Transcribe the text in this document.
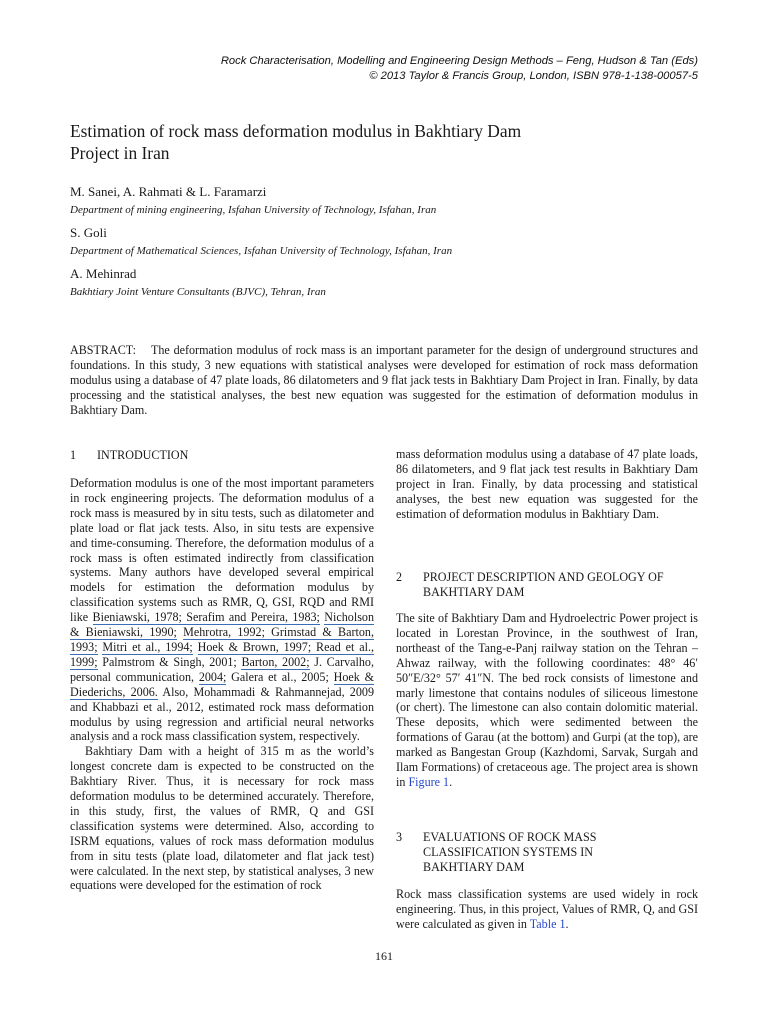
Rock Characterisation, Modelling and Engineering Design Methods – Feng, Hudson & Tan (Eds)
© 2013 Taylor & Francis Group, London, ISBN 978-1-138-00057-5
Estimation of rock mass deformation modulus in Bakhtiary Dam
Project in Iran
M. Sanei, A. Rahmati & L. Faramarzi
Department of mining engineering, Isfahan University of Technology, Isfahan, Iran
S. Goli
Department of Mathematical Sciences, Isfahan University of Technology, Isfahan, Iran
A. Mehinrad
Bakhtiary Joint Venture Consultants (BJVC), Tehran, Iran
ABSTRACT: The deformation modulus of rock mass is an important parameter for the design of underground structures and foundations. In this study, 3 new equations with statistical analyses were developed for estimation of rock mass deformation modulus using a database of 47 plate loads, 86 dilatometers and 9 flat jack tests in Bakhtiary Dam Project in Iran. Finally, by data processing and the statistical analyses, the best new equation was suggested for the estimation of deformation modulus in Bakhtiary Dam.
1 INTRODUCTION

Deformation modulus is one of the most important parameters in rock engineering projects. The deformation modulus of a rock mass is measured by in situ tests, such as dilatometer and plate load or flat jack tests. Also, in situ tests are expensive and time-consuming. Therefore, the deformation modulus of a rock mass is often estimated indirectly from classification systems. Many authors have developed several empirical models for estimation the deformation modulus by classification systems such as RMR, Q, GSI, RQD and RMI like Bieniawski, 1978; Serafim and Pereira, 1983; Nicholson & Bieniawski, 1990; Mehrotra, 1992; Grimstad & Barton, 1993; Mitri et al., 1994; Hoek & Brown, 1997; Read et al., 1999; Palmstrom & Singh, 2001; Barton, 2002; J. Carvalho, personal communication, 2004; Galera et al., 2005; Hoek & Diederichs, 2006. Also, Mohammadi & Rahmannejad, 2009 and Khabbazi et al., 2012, estimated rock mass deformation modulus by using regression and artificial neural networks analysis and a rock mass classification system, respectively.

Bakhtiary Dam with a height of 315 m as the world’s longest concrete dam is expected to be constructed on the Bakhtiary River. Thus, it is necessary for rock mass deformation modulus to be determined accurately. Therefore, in this study, first, the values of RMR, Q and GSI classification systems were determined. Also, according to ISRM equations, values of rock mass deformation modulus from in situ tests (plate load, dilatometer and flat jack test) were calculated. In the next step, by statistical analyses, 3 new equations were developed for the estimation of rock

mass deformation modulus using a database of 47 plate loads, 86 dilatometers, and 9 flat jack test results in Bakhtiary Dam project in Iran. Finally, by data processing and statistical analyses, the best new equation was suggested for the estimation of deformation modulus in Bakhtiary Dam.

2 PROJECT DESCRIPTION AND GEOLOGY OF
BAKHTIARY DAM

The site of Bakhtiary Dam and Hydroelectric Power project is located in Lorestan Province, in the southwest of Iran, northeast of the Tang-e-Panj railway station on the Tehran – Ahwaz railway, with the following coordinates: 48° 46′ 50″E/32° 57′ 41″N. The bed rock consists of limestone and marly limestone that contains nodules of siliceous limestone (or chert). The limestone can also contain dolomitic material. These deposits, which were sedimented between the formations of Garau (at the bottom) and Gurpi (at the top), are marked as Bangestan Group (Kazhdomi, Sarvak, Surgah and Ilam Formations) of cretaceous age. The project area is shown in Figure 1.

3 EVALUATIONS OF ROCK MASS
CLASSIFICATION SYSTEMS IN
BAKHTIARY DAM

Rock mass classification systems are used widely in rock engineering. Thus, in this project, Values of RMR, Q, and GSI were calculated as given in Table 1.

161
